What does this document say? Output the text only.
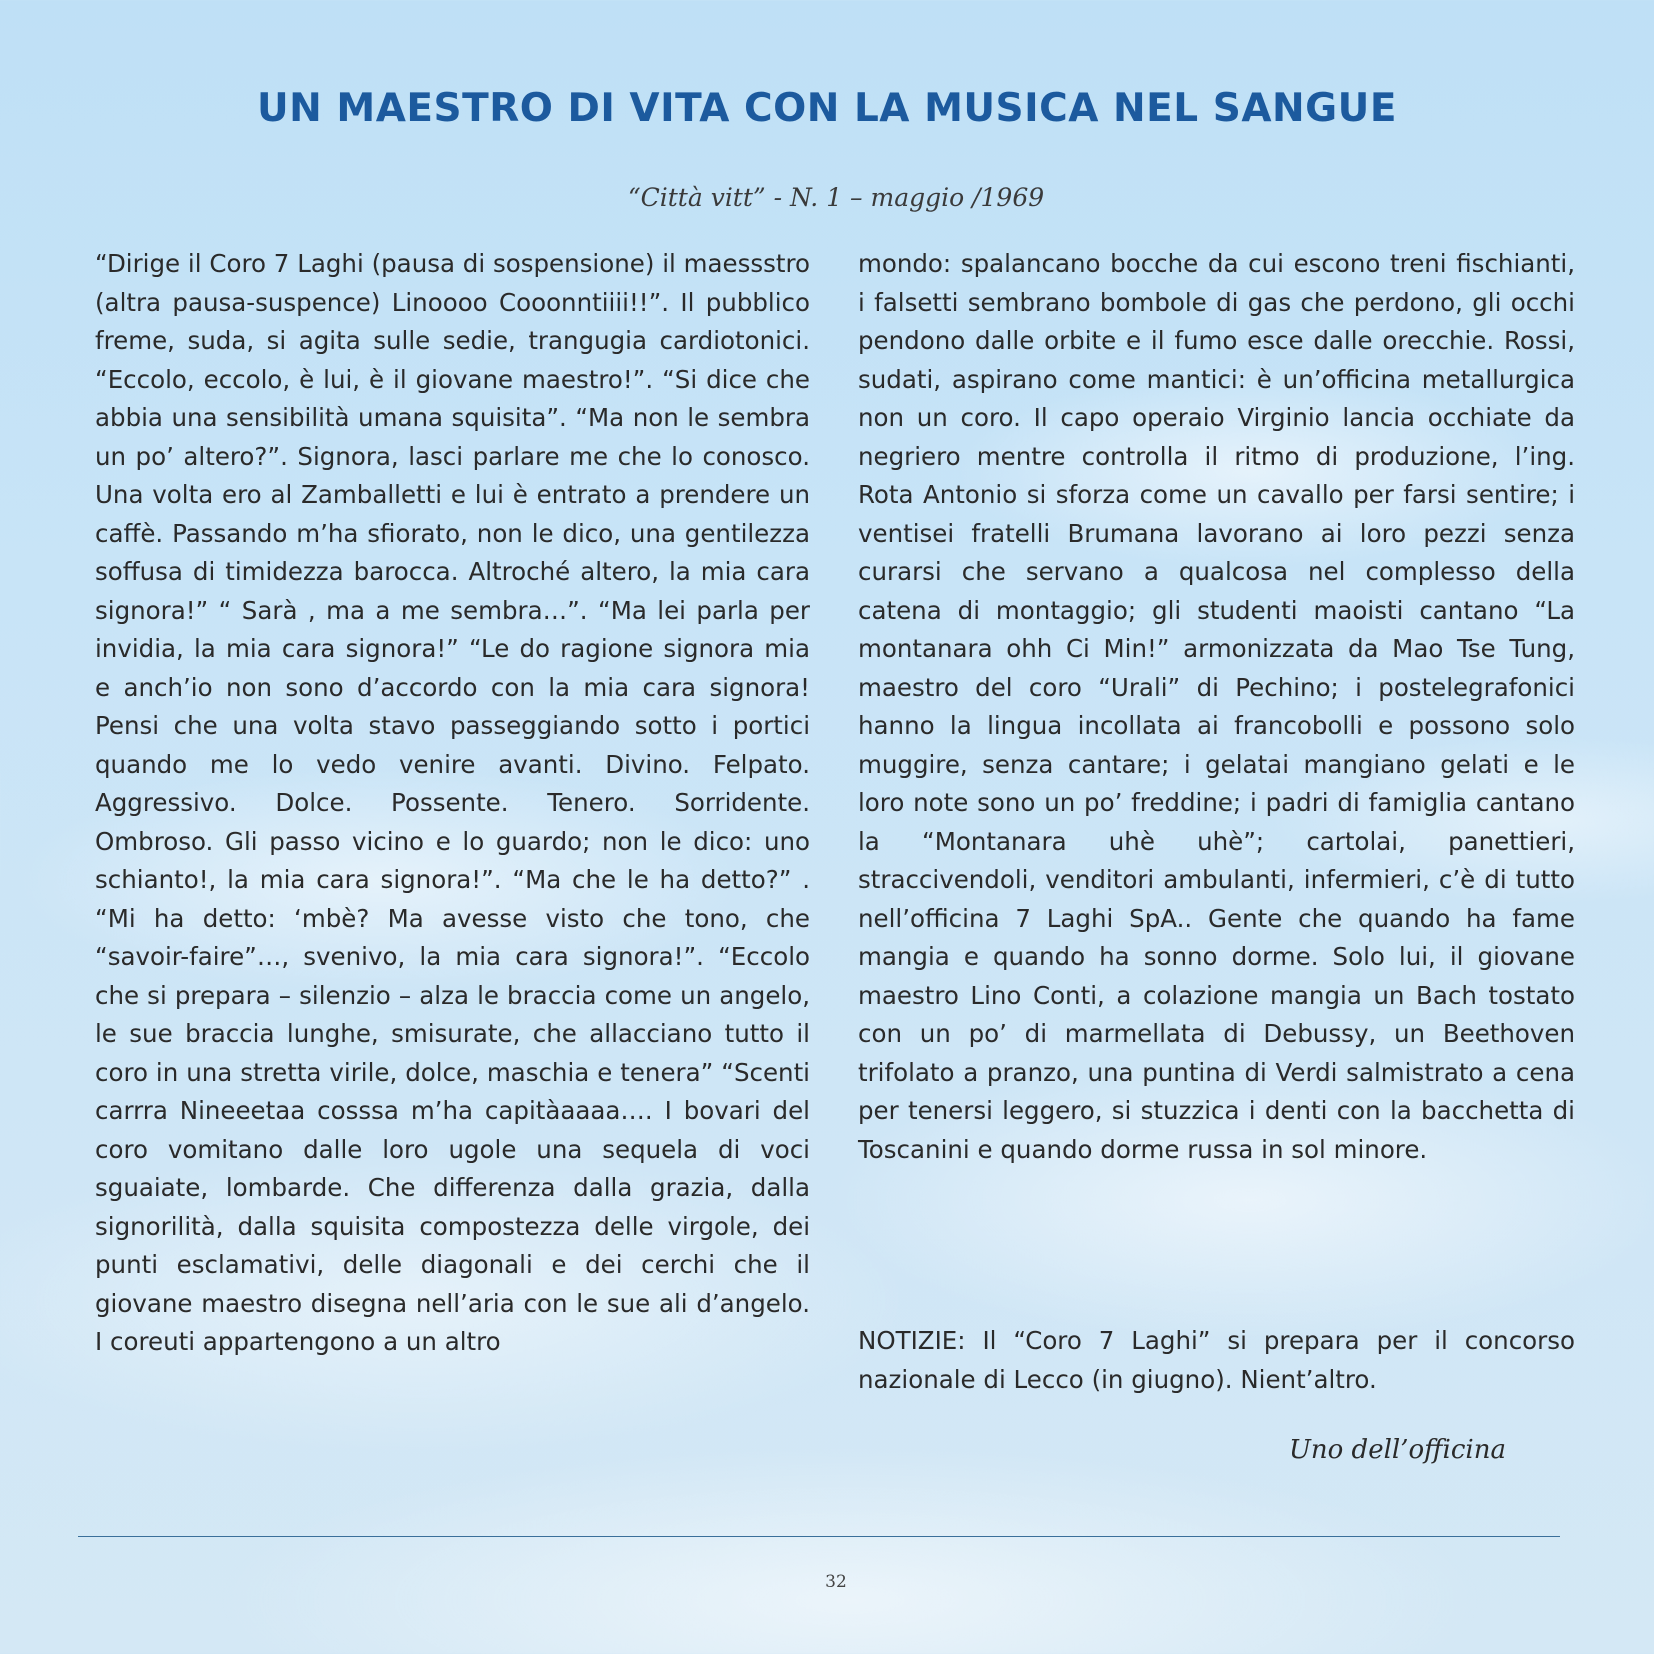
UN MAESTRO DI VITA CON LA MUSICA NEL SANGUE
“Città vitt” - N. 1 – maggio /1969

“Dirige il Coro 7 Laghi (pausa di sospensione) il maessstro (altra pausa-suspence) Linoooo Cooonntiiii!!”. Il pubblico freme, suda, si agita sulle sedie, trangugia cardiotonici. “Eccolo, eccolo, è lui, è il giovane maestro!”. “Si dice che abbia una sensibilità umana squisita”. “Ma non le sembra un po’ altero?”. Signora, lasci parlare me che lo conosco. Una volta ero al Zamballetti e lui è entrato a prendere un caffè. Passando m’ha sfiorato, non le dico, una gentilezza soffusa di timidezza barocca. Altroché altero, la mia cara signora!” “ Sarà , ma a me sembra…”. “Ma lei parla per invidia, la mia cara signora!” “Le do ragione signora mia e anch’io non sono d’accordo con la mia cara signora! Pensi che una volta stavo passeggiando sotto i portici quando me lo vedo venire avanti. Divino. Felpato. Aggressivo. Dolce. Possente. Tenero. Sorridente. Ombroso. Gli passo vicino e lo guardo; non le dico: uno schianto!, la mia cara signora!”. “Ma che le ha detto?” . “Mi ha detto: ‘mbè? Ma avesse visto che tono, che “savoir-faire”…, svenivo, la mia cara signora!”. “Eccolo che si prepara – silenzio – alza le braccia come un angelo, le sue braccia lunghe, smisurate, che allacciano tutto il coro in una stretta virile, dolce, maschia e tenera” “Scenti carrra Nineeetaa cosssa m’ha capitàaaaa…. I bovari del coro vomitano dalle loro ugole una sequela di voci sguaiate, lombarde. Che differenza dalla grazia, dalla signorilità, dalla squisita compostezza delle virgole, dei punti esclamativi, delle diagonali e dei cerchi che il giovane maestro disegna nell’aria con le sue ali d’angelo. I coreuti appartengono a un altro

mondo: spalancano bocche da cui escono treni fischianti, i falsetti sembrano bombole di gas che perdono, gli occhi pendono dalle orbite e il fumo esce dalle orecchie. Rossi, sudati, aspirano come mantici: è un’officina metallurgica non un coro. Il capo operaio Virginio lancia occhiate da negriero mentre controlla il ritmo di produzione, l’ing. Rota Antonio si sforza come un cavallo per farsi sentire; i ventisei fratelli Brumana lavorano ai loro pezzi senza curarsi che servano a qualcosa nel complesso della catena di montaggio; gli studenti maoisti cantano “La montanara ohh Ci Min!” armonizzata da Mao Tse Tung, maestro del coro “Urali” di Pechino; i postelegrafonici hanno la lingua incollata ai francobolli e possono solo muggire, senza cantare; i gelatai mangiano gelati e le loro note sono un po’ freddine; i padri di famiglia cantano la “Montanara uhè uhè”; cartolai, panettieri, straccivendoli, venditori ambulanti, infermieri, c’è di tutto nell’officina 7 Laghi SpA.. Gente che quando ha fame mangia e quando ha sonno dorme. Solo lui, il giovane maestro Lino Conti, a colazione mangia un Bach tostato con un po’ di marmellata di Debussy, un Beethoven trifolato a pranzo, una puntina di Verdi salmistrato a cena per tenersi leggero, si stuzzica i denti con la bacchetta di Toscanini e quando dorme russa in sol minore.

NOTIZIE: Il “Coro 7 Laghi” si prepara per il concorso nazionale di Lecco (in giugno). Nient’altro.

Uno dell’officina
32
